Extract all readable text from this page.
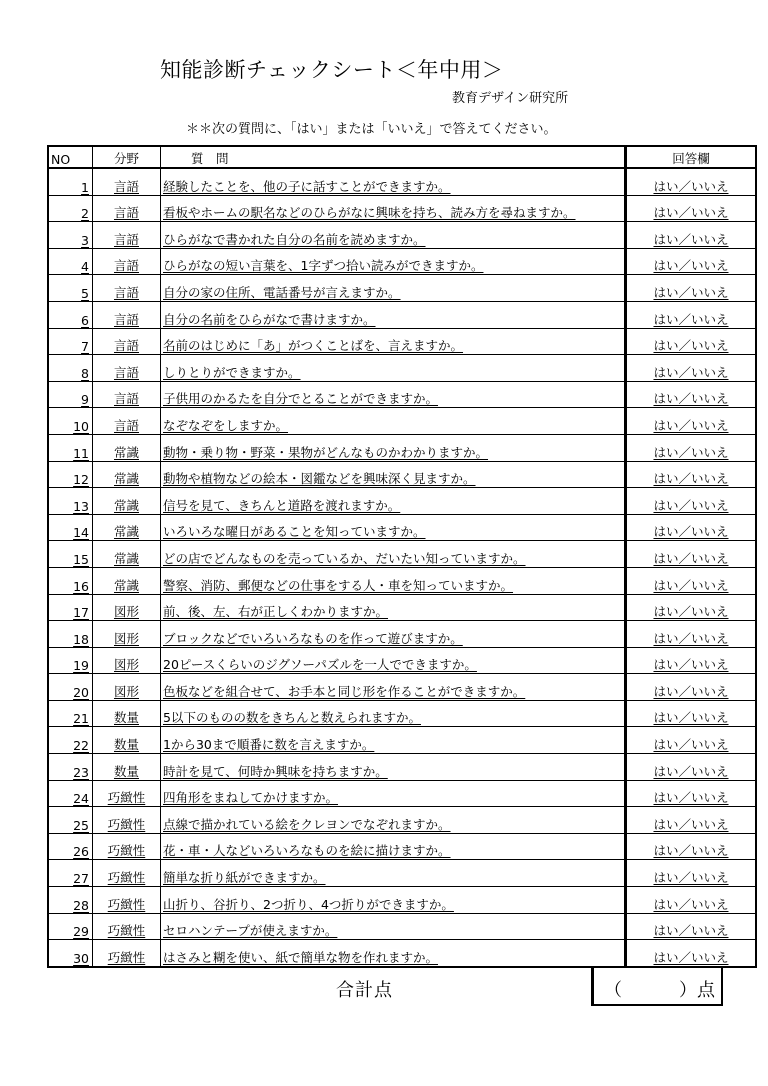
知能診断チェックシート＜年中用＞
教育デザイン研究所
＊＊次の質問に、「はい」または「いいえ」で答えてください。
NO	分野	質　問	回答欄
1	言語	経験したことを、他の子に話すことができますか。	はい／いいえ
2	言語	看板やホームの駅名などのひらがなに興味を持ち、読み方を尋ねますか。	はい／いいえ
3	言語	ひらがなで書かれた自分の名前を読めますか。	はい／いいえ
4	言語	ひらがなの短い言葉を、1字ずつ拾い読みができますか。	はい／いいえ
5	言語	自分の家の住所、電話番号が言えますか。	はい／いいえ
6	言語	自分の名前をひらがなで書けますか。	はい／いいえ
7	言語	名前のはじめに「あ」がつくことばを、言えますか。	はい／いいえ
8	言語	しりとりができますか。	はい／いいえ
9	言語	子供用のかるたを自分でとることができますか。	はい／いいえ
10	言語	なぞなぞをしますか。	はい／いいえ
11	常識	動物・乗り物・野菜・果物がどんなものかわかりますか。	はい／いいえ
12	常識	動物や植物などの絵本・図鑑などを興味深く見ますか。	はい／いいえ
13	常識	信号を見て、きちんと道路を渡れますか。	はい／いいえ
14	常識	いろいろな曜日があることを知っていますか。	はい／いいえ
15	常識	どの店でどんなものを売っているか、だいたい知っていますか。	はい／いいえ
16	常識	警察、消防、郵便などの仕事をする人・車を知っていますか。	はい／いいえ
17	図形	前、後、左、右が正しくわかりますか。	はい／いいえ
18	図形	ブロックなどでいろいろなものを作って遊びますか。	はい／いいえ
19	図形	20ピースくらいのジグソーパズルを一人でできますか。	はい／いいえ
20	図形	色板などを組合せて、お手本と同じ形を作ることができますか。	はい／いいえ
21	数量	5以下のものの数をきちんと数えられますか。	はい／いいえ
22	数量	1から30まで順番に数を言えますか。	はい／いいえ
23	数量	時計を見て、何時か興味を持ちますか。	はい／いいえ
24	巧緻性	四角形をまねしてかけますか。	はい／いいえ
25	巧緻性	点線で描かれている絵をクレヨンでなぞれますか。	はい／いいえ
26	巧緻性	花・車・人などいろいろなものを絵に描けますか。	はい／いいえ
27	巧緻性	簡単な折り紙ができますか。	はい／いいえ
28	巧緻性	山折り、谷折り、2つ折り、4つ折りができますか。	はい／いいえ
29	巧緻性	セロハンテープが使えますか。	はい／いいえ
30	巧緻性	はさみと糊を使い、紙で簡単な物を作れますか。	はい／いいえ
合計点	（	）点
